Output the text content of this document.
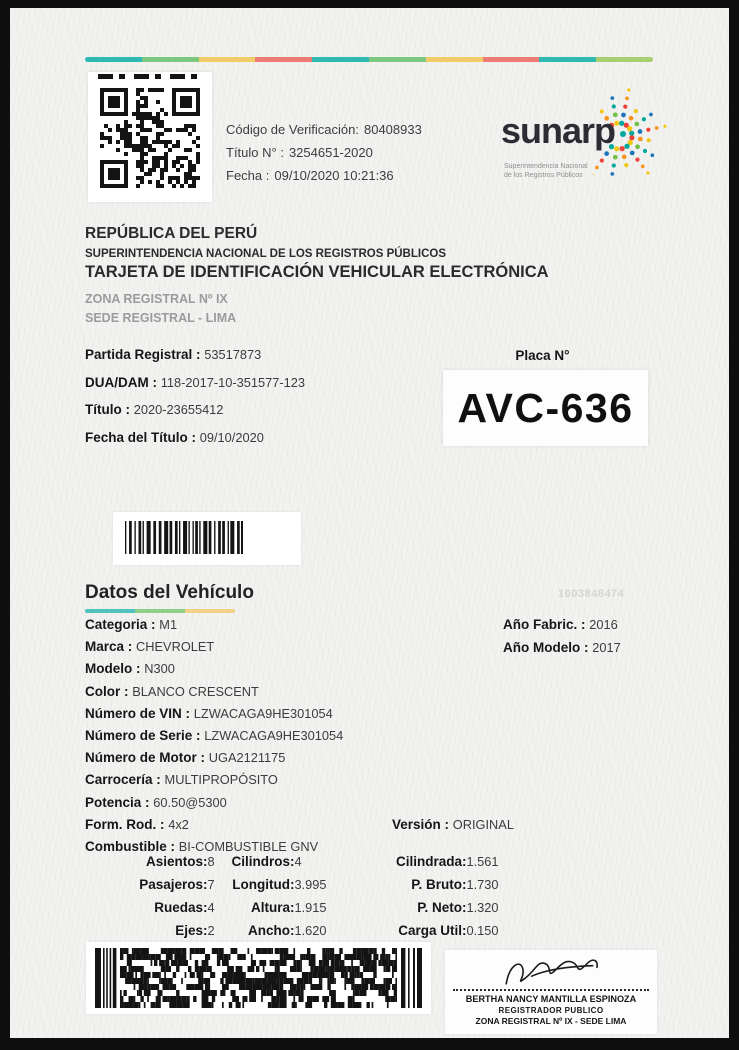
Código de Verificación: 80408933
Título N° : 3254651-2020
Fecha : 09/10/2020 10:21:36
sunarp
Superintendencia Nacional
de los Registros Públicos
REPÚBLICA DEL PERÚ
SUPERINTENDENCIA NACIONAL DE LOS REGISTROS PÚBLICOS
TARJETA DE IDENTIFICACIÓN VEHICULAR ELECTRÓNICA
ZONA REGISTRAL Nº IX
SEDE REGISTRAL - LIMA
Partida Registral : 53517873
DUA/DAM : 118-2017-10-351577-123
Título : 2020-23655412
Fecha del Título : 09/10/2020
Placa N°
AVC-636
Datos del Vehículo	1003848474
Categoria : M1
Marca : CHEVROLET
Modelo : N300
Color : BLANCO CRESCENT
Número de VIN : LZWACAGA9HE301054
Número de Serie : LZWACAGA9HE301054
Número de Motor : UGA2121175
Carrocería : MULTIPROPÓSITO
Potencia : 60.50@5300
Form. Rod. : 4x2
Combustible : BI-COMBUSTIBLE GNV
Año Fabric. : 2016
Año Modelo : 2017
Versión : ORIGINAL
Asientos : 8
Pasajeros : 7
Ruedas : 4
Ejes : 2
Cilindros : 4
Longitud : 3.995
Altura : 1.915
Ancho : 1.620
Cilindrada : 1.561
P. Bruto : 1.730
P. Neto : 1.320
Carga Util : 0.150
BERTHA NANCY MANTILLA ESPINOZA
REGISTRADOR PUBLICO
ZONA REGISTRAL Nº IX - SEDE LIMA
